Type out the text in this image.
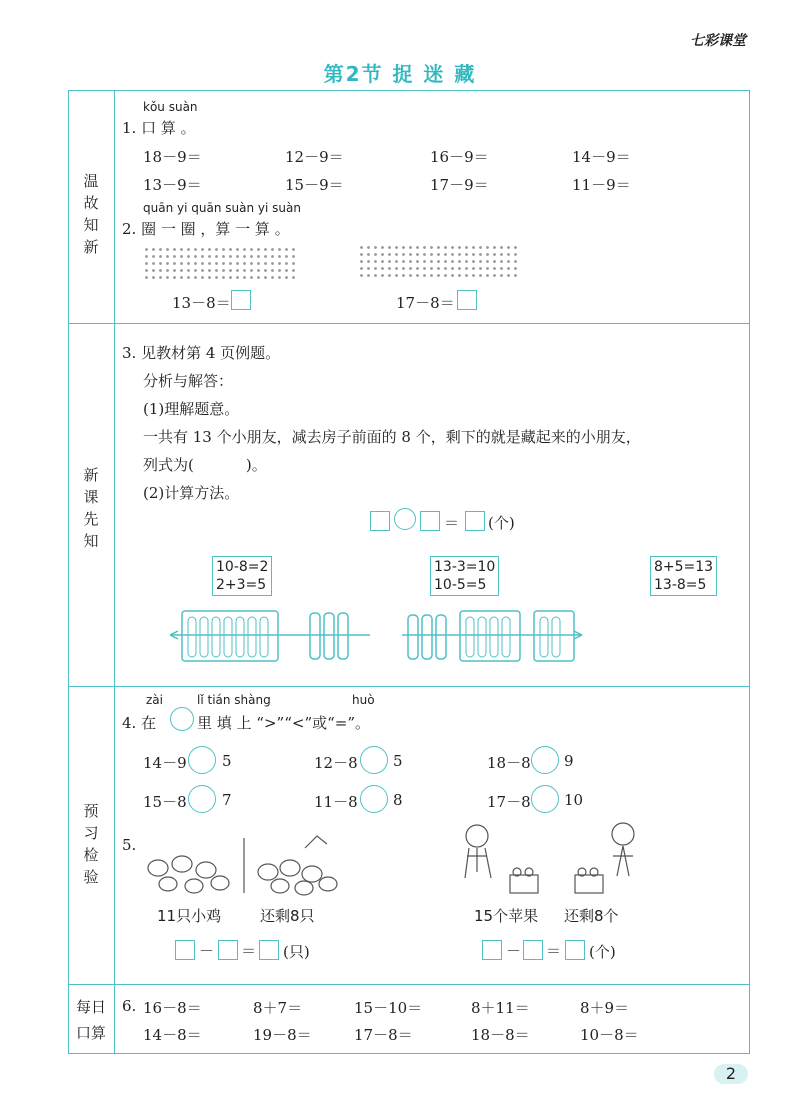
七彩课堂
第2节 捉 迷 藏
温
故
知
新
新
课
先
知
预
习
检
验
每日
口算
kǒu suàn
1. 口 算 。
18－9＝	12－9＝	16－9＝	14－9＝
13－9＝	15－9＝	17－9＝	11－9＝
quān yi quān suàn yi suàn
2. 圈 一 圈 ，算 一 算 。
13－8＝	17－8＝
3. 见教材第 4 页例题。
分析与解答：
(1)理解题意。
一共有 13 个小朋友，减去房子前面的 8 个，剩下的就是藏起来的小朋友，
列式为(	)。
(2)计算方法。
＝ (个)
10-8=2
2+3=5
13-3=10
10-5=5
8+5=13
13-8=5
zài	lǐ tián shàng	huò
4. 在	里 填 上 “>”“<”或“=”。
14－9 5	12－8 5	18－8 9
15－8 7	11－8 8	17－8 10
5.
11只小鸡	还剩8只
－ ＝ (只)
15个苹果 还剩8个
－ ＝ (个)
6. 16－8＝	8＋7＝	15－10＝	8＋11＝	8＋9＝
14－8＝	19－8＝	17－8＝	18－8＝	10－8＝
2
